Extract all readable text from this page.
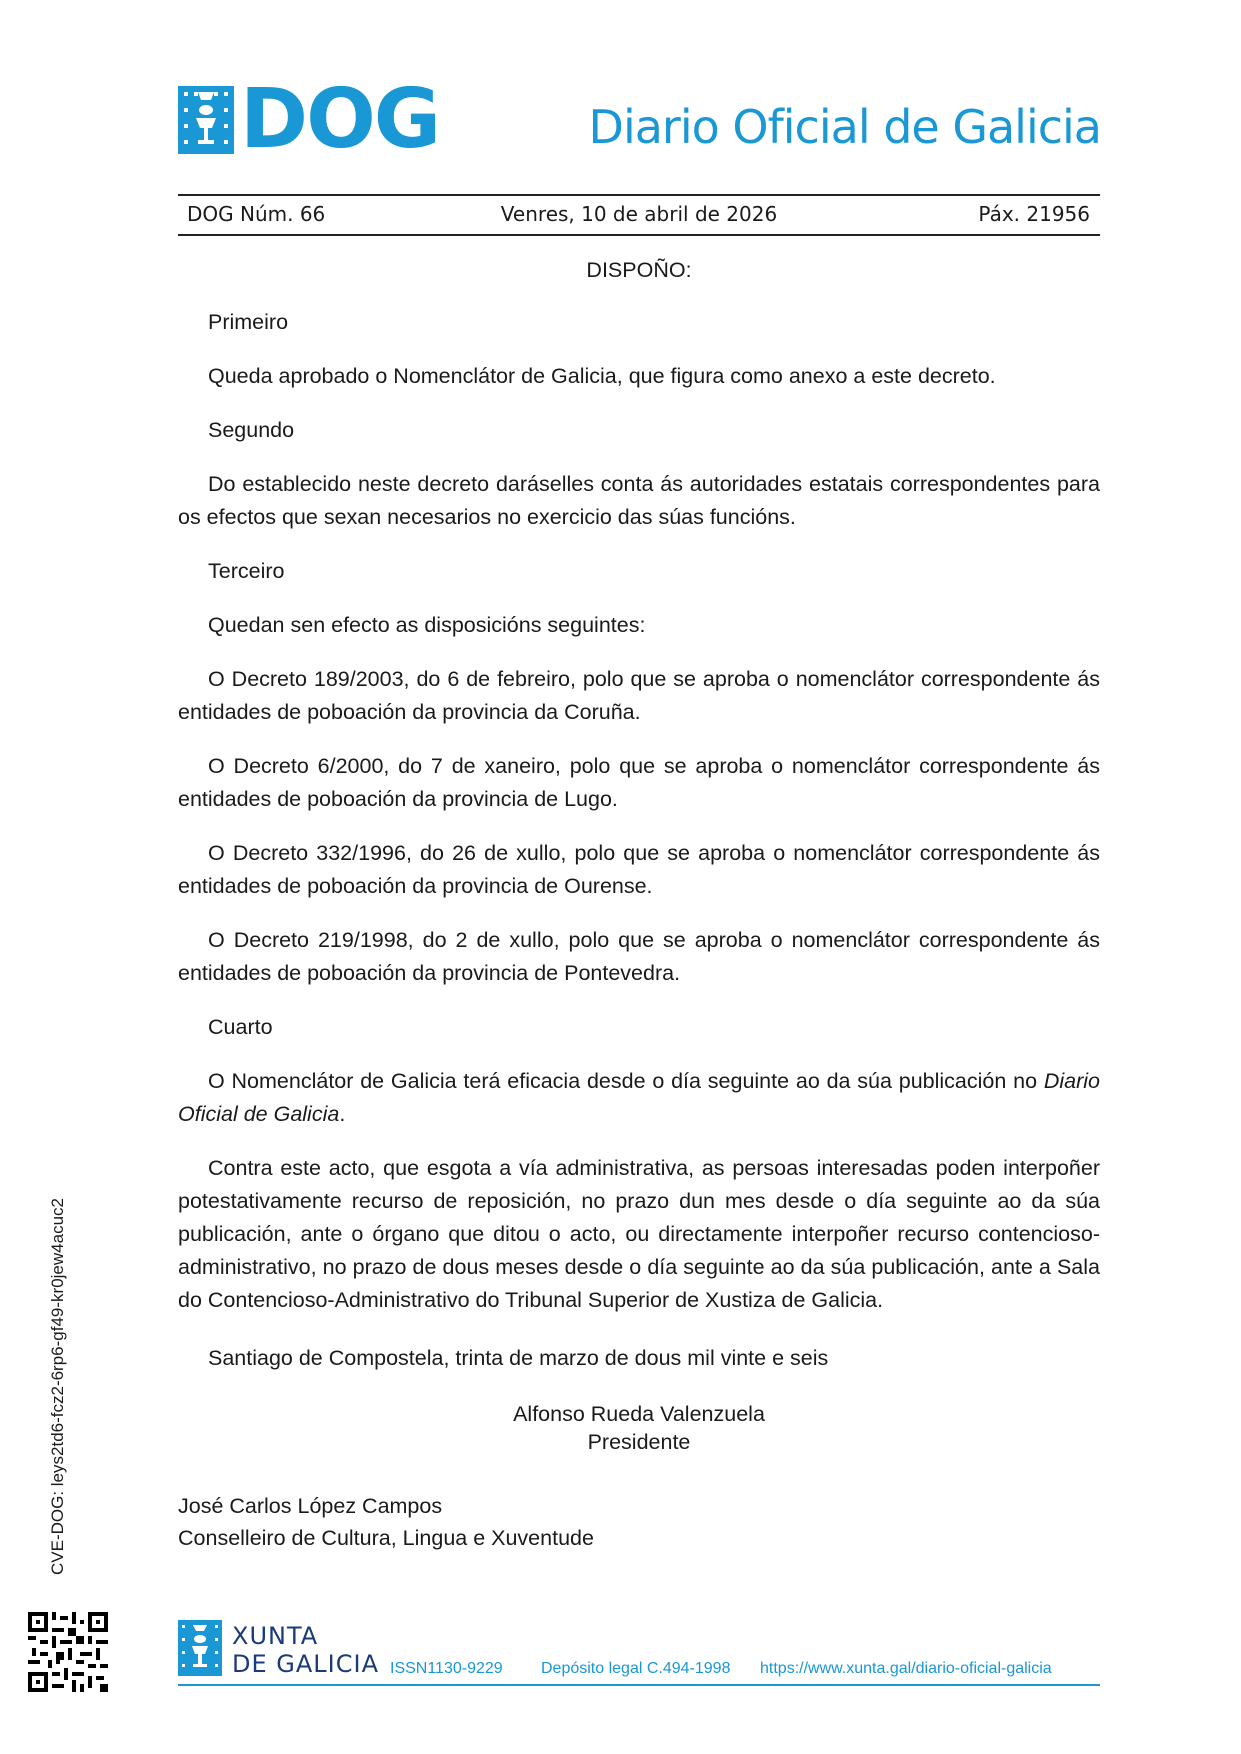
DOG	Diario Oficial de Galicia
DOG Núm. 66	Venres, 10 de abril de 2026	Páx. 21956
DISPOÑO:
Primeiro
Queda aprobado o Nomenclátor de Galicia, que figura como anexo a este decreto.
Segundo
Do establecido neste decreto daráselles conta ás autoridades estatais correspondentes para os efectos que sexan necesarios no exercicio das súas funcións.
Terceiro
Quedan sen efecto as disposicións seguintes:
O Decreto 189/2003, do 6 de febreiro, polo que se aproba o nomenclátor correspondente ás entidades de poboación da provincia da Coruña.
O Decreto 6/2000, do 7 de xaneiro, polo que se aproba o nomenclátor correspondente ás entidades de poboación da provincia de Lugo.
O Decreto 332/1996, do 26 de xullo, polo que se aproba o nomenclátor correspondente ás entidades de poboación da provincia de Ourense.
O Decreto 219/1998, do 2 de xullo, polo que se aproba o nomenclátor correspondente ás entidades de poboación da provincia de Pontevedra.
Cuarto
O Nomenclátor de Galicia terá eficacia desde o día seguinte ao da súa publicación no Diario Oficial de Galicia.
Contra este acto, que esgota a vía administrativa, as persoas interesadas poden interpoñer potestativamente recurso de reposición, no prazo dun mes desde o día seguinte ao da súa publicación, ante o órgano que ditou o acto, ou directamente interpoñer recurso contencioso-administrativo, no prazo de dous meses desde o día seguinte ao da súa publicación, ante a Sala do Contencioso-Administrativo do Tribunal Superior de Xustiza de Galicia.
Santiago de Compostela, trinta de marzo de dous mil vinte e seis
Alfonso Rueda Valenzuela
Presidente
José Carlos López Campos
Conselleiro de Cultura, Lingua e Xuventude
CVE-DOG: leys2td6-fcz2-6rp6-gf49-kr0jew4acuc2
XUNTA
DE GALICIA ISSN1130-9229 Depósito legal C.494-1998 https://www.xunta.gal/diario-oficial-galicia
